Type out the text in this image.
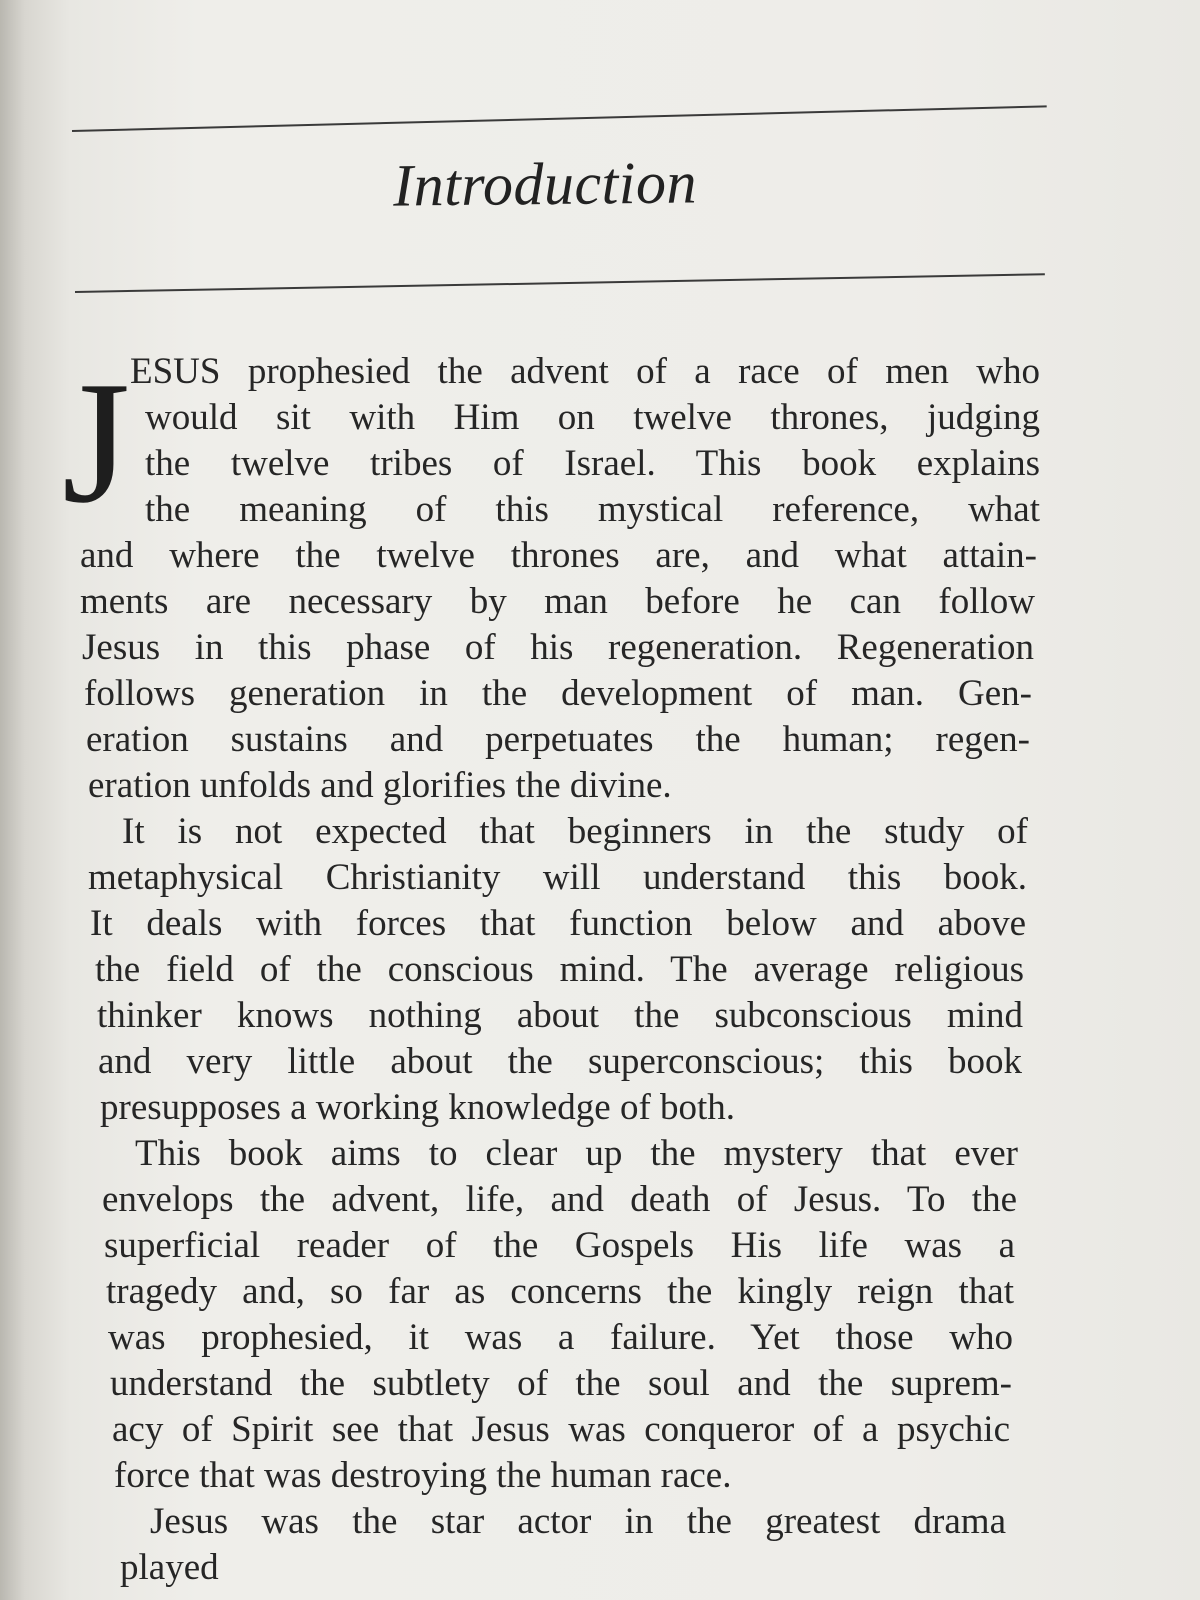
Introduction
J ESUS prophesied the advent of a race of men who
would sit with Him on twelve thrones, judging
the twelve tribes of Israel. This book explains
the meaning of this mystical reference, what
and where the twelve thrones are, and what attain-
ments are necessary by man before he can follow
Jesus in this phase of his regeneration. Regeneration
follows generation in the development of man. Gen-
eration sustains and perpetuates the human; regen-
eration unfolds and glorifies the divine.
It is not expected that beginners in the study of
metaphysical Christianity will understand this book.
It deals with forces that function below and above
the field of the conscious mind. The average religious
thinker knows nothing about the subconscious mind
and very little about the superconscious; this book
presupposes a working knowledge of both.
This book aims to clear up the mystery that ever
envelops the advent, life, and death of Jesus. To the
superficial reader of the Gospels His life was a
tragedy and, so far as concerns the kingly reign that
was prophesied, it was a failure. Yet those who
understand the subtlety of the soul and the suprem-
acy of Spirit see that Jesus was conqueror of a psychic
force that was destroying the human race.
Jesus was the star actor in the greatest drama
played
